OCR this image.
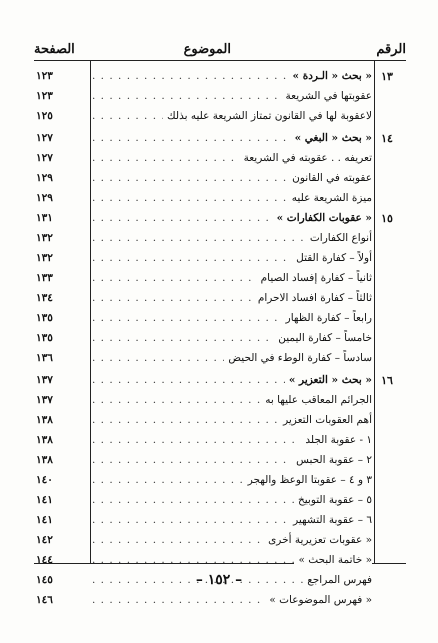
الرقم
الموضوع
الصفحة
١٣
« بحث « الـردة » . . .
١٢٣
عقوبتها في الشريعة . . .
١٢٣
لاعقوبة لها في القانون تمتاز الشريعة عليه بذلك . . .
١٢٥
١٤
« بحث « البغي » . . .
١٢٧
تعريفه . . عقوبته في الشريعة . . .
١٢٧
عقوبته في القانون . . .
١٢٩
ميزة الشريعة عليه . . .
١٢٩
١٥
« عقوبات الكفارات » . . .
١٣١
أنواع الكفارات . . .
١٣٢
أولاً – كفارة القتل . . .
١٣٢
ثانياً – كفارة إفساد الصيام . . .
١٣٣
ثالثاً – كفارة افساد الاحرام . . .
١٣٤
رابعاً – كفارة الظهار . . .
١٣٥
خامساً – كفارة اليمين . . .
١٣٥
سادساً – كفارة الوطء في الحيض . . .
١٣٦
١٦
« بحث « التعزير » . . .
١٣٧
الجرائم المعاقب عليها به . . .
١٣٧
أهم العقوبات التعزير . . .
١٣٨
١ - عقوبة الجلد . . .
١٣٨
٢ – عقوبة الحبس . . .
١٣٨
٣ و ٤ – عقوبتا الوعظ والهجر . . .
١٤٠
٥ – عقوبة التوبيخ . . .
١٤١
٦ – عقوبة التشهير . . .
١٤١
« عقوبات تعزيرية أخرى . . .
١٤٢
« خاتمة البحث » . . .
١٤٤
فهرس المراجع . . .
١٤٥
« فهرس الموضوعات » . . .
١٤٦
– ١٥٢ –
